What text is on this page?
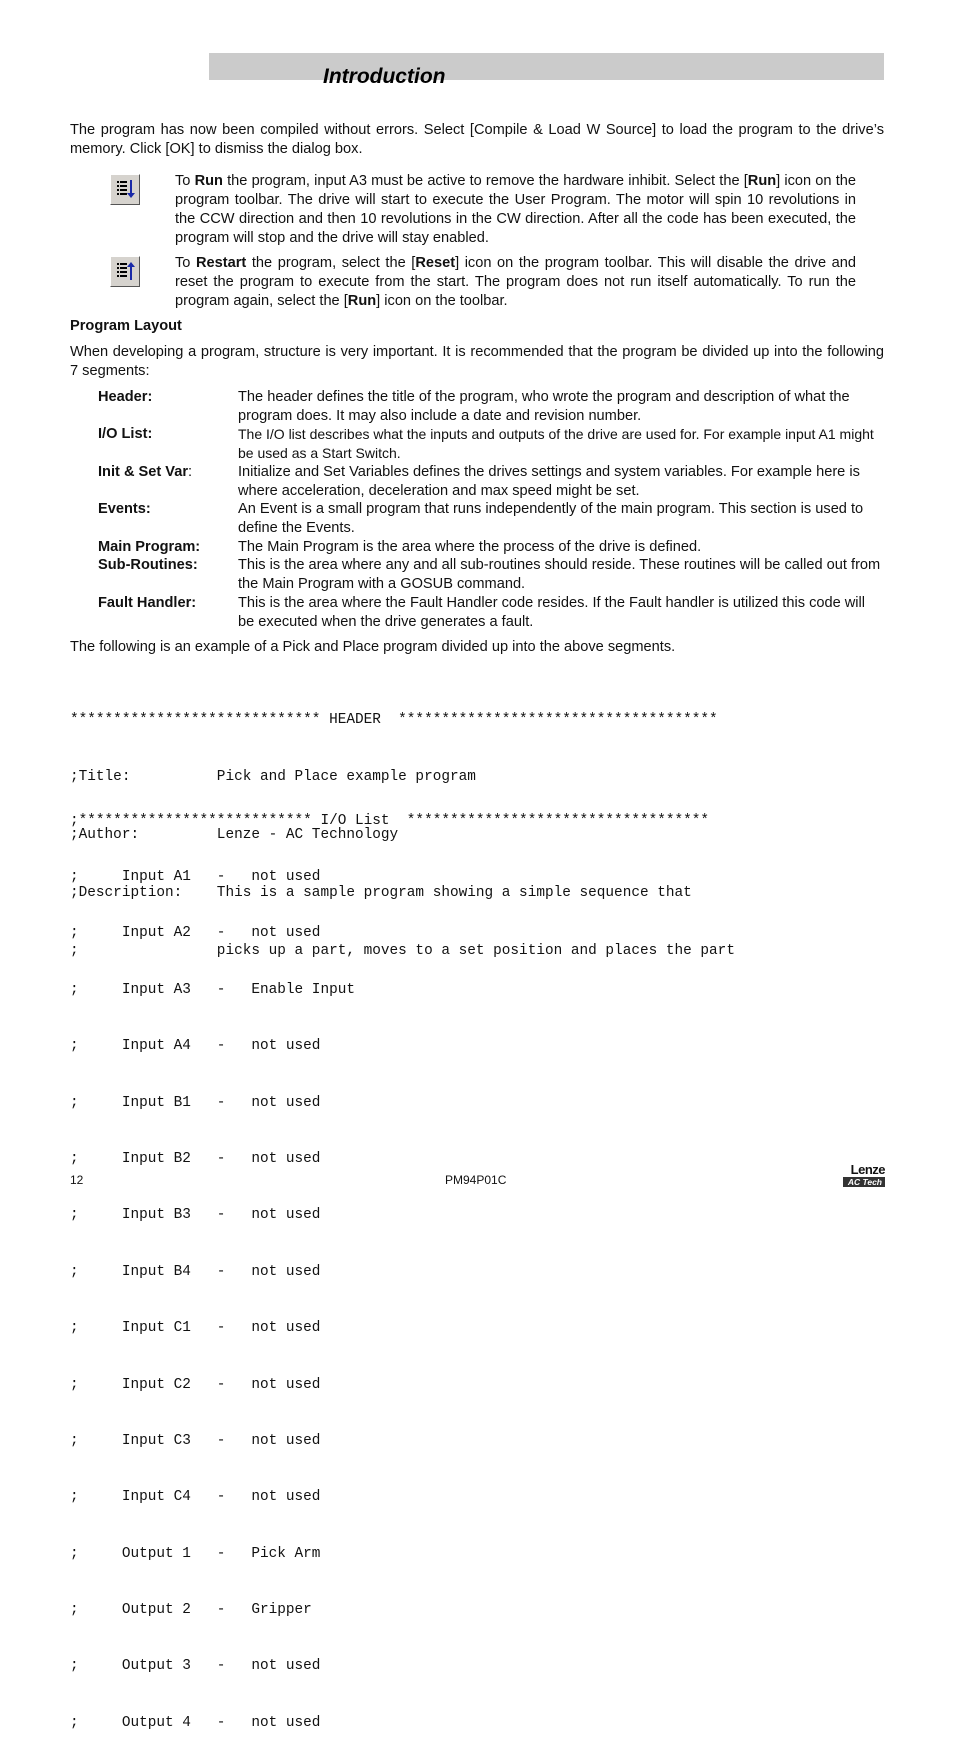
Introduction
The program has now been compiled without errors. Select [Compile & Load W Source] to load the program to the drive’s memory. Click [OK] to dismiss the dialog box.
To Run the program, input A3 must be active to remove the hardware inhibit. Select the [Run] icon on the program toolbar. The drive will start to execute the User Program. The motor will spin 10 revolutions in the CCW direction and then 10 revolutions in the CW direction. After all the code has been executed, the program will stop and the drive will stay enabled.
To Restart the program, select the [Reset] icon on the program toolbar. This will disable the drive and reset the program to execute from the start. The program does not run itself automatically. To run the program again, select the [Run] icon on the toolbar.
Program Layout
When developing a program, structure is very important. It is recommended that the program be divided up into the following 7 segments:
Header:	The header defines the title of the program, who wrote the program and description of what the program does. It may also include a date and revision number.
I/O List:	The I/O list describes what the inputs and outputs of the drive are used for. For example input A1 might be used as a Start Switch.
Init & Set Var:	Initialize and Set Variables defines the drives settings and system variables. For example here is where acceleration, deceleration and max speed might be set.
Events:	An Event is a small program that runs independently of the main program. This section is used to define the Events.
Main Program:	The Main Program is the area where the process of the drive is defined.
Sub-Routines:	This is the area where any and all sub-routines should reside. These routines will be called out from the Main Program with a GOSUB command.
Fault Handler:	This is the area where the Fault Handler code resides. If the Fault handler is utilized this code will be executed when the drive generates a fault.
The following is an example of a Pick and Place program divided up into the above segments.

***************************** HEADER  *************************************

;Title:          Pick and Place example program

;Author:         Lenze - AC Technology

;Description:    This is a sample program showing a simple sequence that

;                picks up a part, moves to a set position and places the part

;*************************** I/O List  ***********************************

;     Input A1   -   not used

;     Input A2   -   not used

;     Input A3   -   Enable Input

;     Input A4   -   not used

;     Input B1   -   not used

;     Input B2   -   not used

;     Input B3   -   not used

;     Input B4   -   not used

;     Input C1   -   not used

;     Input C2   -   not used

;     Input C3   -   not used

;     Input C4   -   not used

;     Output 1   -   Pick Arm

;     Output 2   -   Gripper

;     Output 3   -   not used

;     Output 4   -   not used

12	PM94P01C
Lenze
AC Tech
